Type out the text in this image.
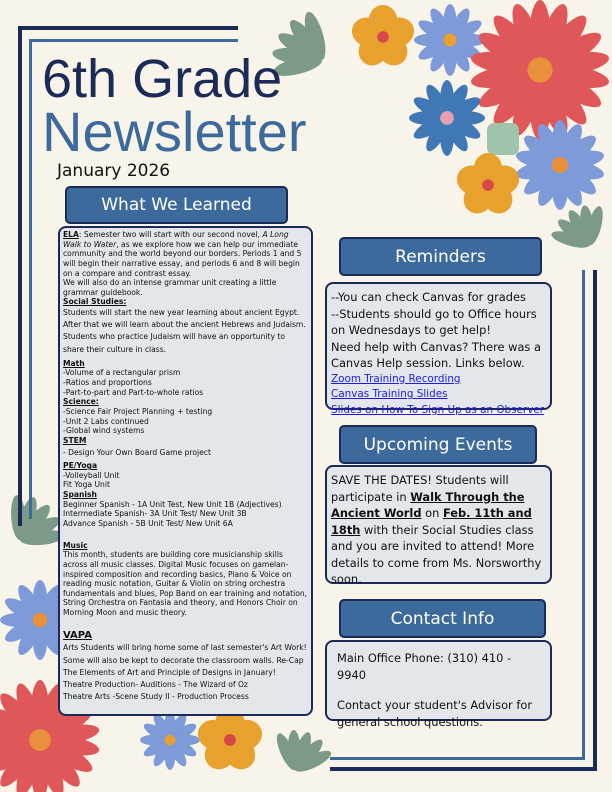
6th Grade
Newsletter
January 2026
What We Learned

ELA: Semester two will start with our second novel, A Long Walk to Water, as we explore how we can help our immediate community and the world beyond our borders. Periods 1 and 5 will begin their narrative essay, and periods 6 and 8 will begin on a compare and contrast essay.

We will also do an intense grammar unit creating a little grammar guidebook.

Social Studies:

Students will start the new year learning about ancient Egypt. After that we will learn about the ancient Hebrews and Judaism. Students who practice Judaism will have an opportunity to share their culture in class.

Math

-Volume of a rectangular prism

-Ratios and proportions

-Part-to-part and Part-to-whole ratios

Science:

-Science Fair Project Planning + testing

-Unit 2 Labs continued

-Global wind systems

STEM

- Design Your Own Board Game project

PE/Yoga

-Volleyball Unit

Fit Yoga Unit

Spanish

Beginner Spanish - 1A Unit Test, New Unit 1B (Adjectives)

Intermediate Spanish- 3A Unit Test/ New Unit 3B

Advance Spanish - 5B Unit Test/ New Unit 6A

Music

This month, students are building core musicianship skills across all music classes. Digital Music focuses on gamelan-inspired composition and recording basics, Piano & Voice on reading music notation, Guitar & Violin on string orchestra fundamentals and blues, Pop Band on ear training and notation, String Orchestra on Fantasia and theory, and Honors Choir on Morning Moon and music theory.

VAPA

Arts Students will bring home some of last semester's Art Work! Some will also be kept to decorate the classroom walls. Re-Cap The Elements of Art and Principle of Designs in January!

Theatre Production- Auditions - The Wizard of Oz

Theatre Arts -Scene Study II - Production Process

Reminders
--You can check Canvas for grades
--Students should go to Office hours on Wednesdays to get help!
Need help with Canvas? There was a Canvas Help session. Links below.
Zoom Training Recording
Canvas Training Slides
Slides on How To Sign Up as an Observer
Upcoming Events
SAVE THE DATES! Students will participate in Walk Through the Ancient World on Feb. 11th and 18th with their Social Studies class and you are invited to attend! More details to come from Ms. Norsworthy soon.
Contact Info
Main Office Phone: (310) 410 - 9940
Contact your student's Advisor for general school questions.
